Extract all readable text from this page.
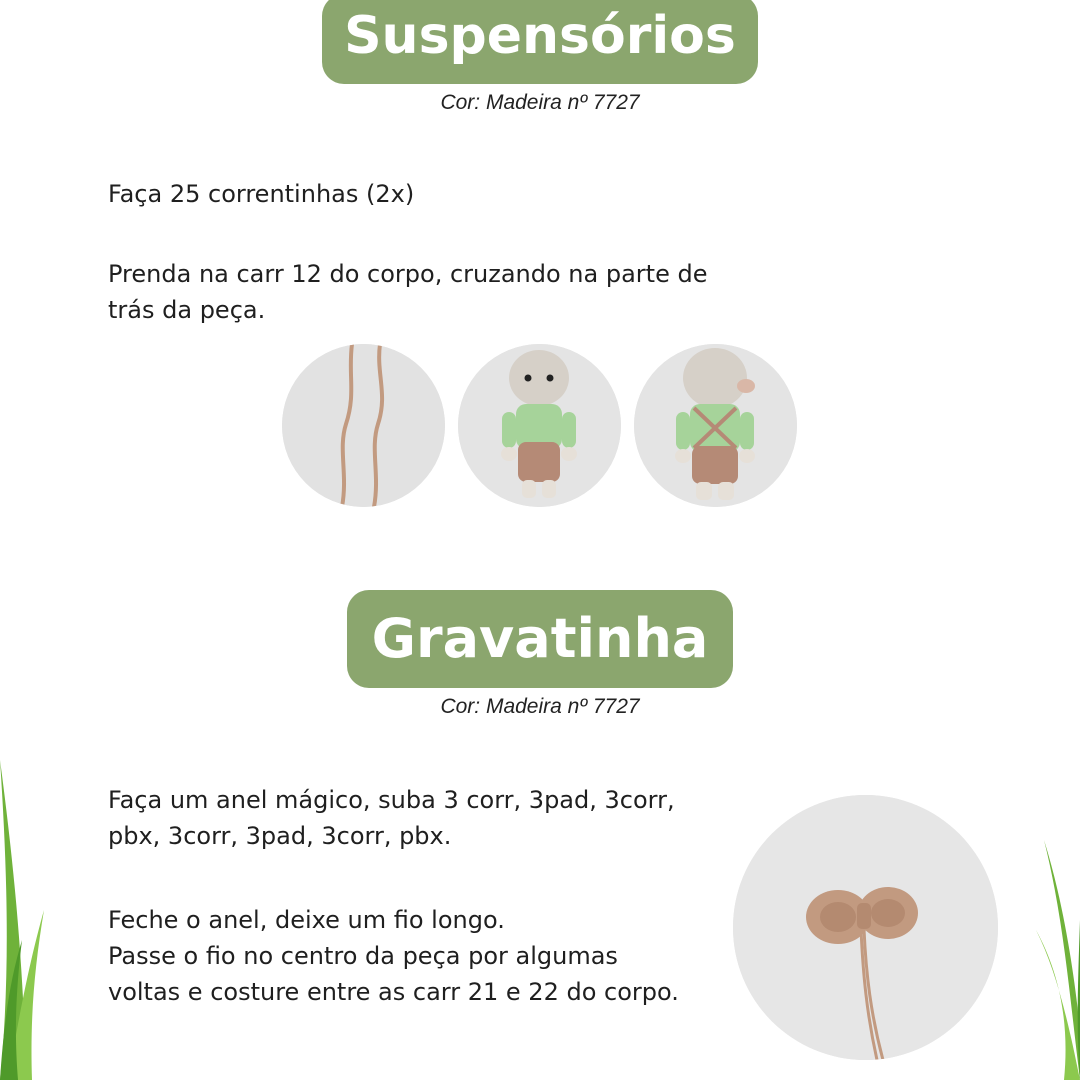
Suspensórios
Cor: Madeira nº 7727

Faça 25 correntinhas (2x)

Prenda na carr 12 do corpo, cruzando na parte de
trás da peça.

Gravatinha
Cor: Madeira nº 7727

Faça um anel mágico, suba 3 corr, 3pad, 3corr,
pbx, 3corr, 3pad, 3corr, pbx.

Feche o anel, deixe um fio longo.
Passe o fio no centro da peça por algumas
voltas e costure entre as carr 21 e 22 do corpo.
